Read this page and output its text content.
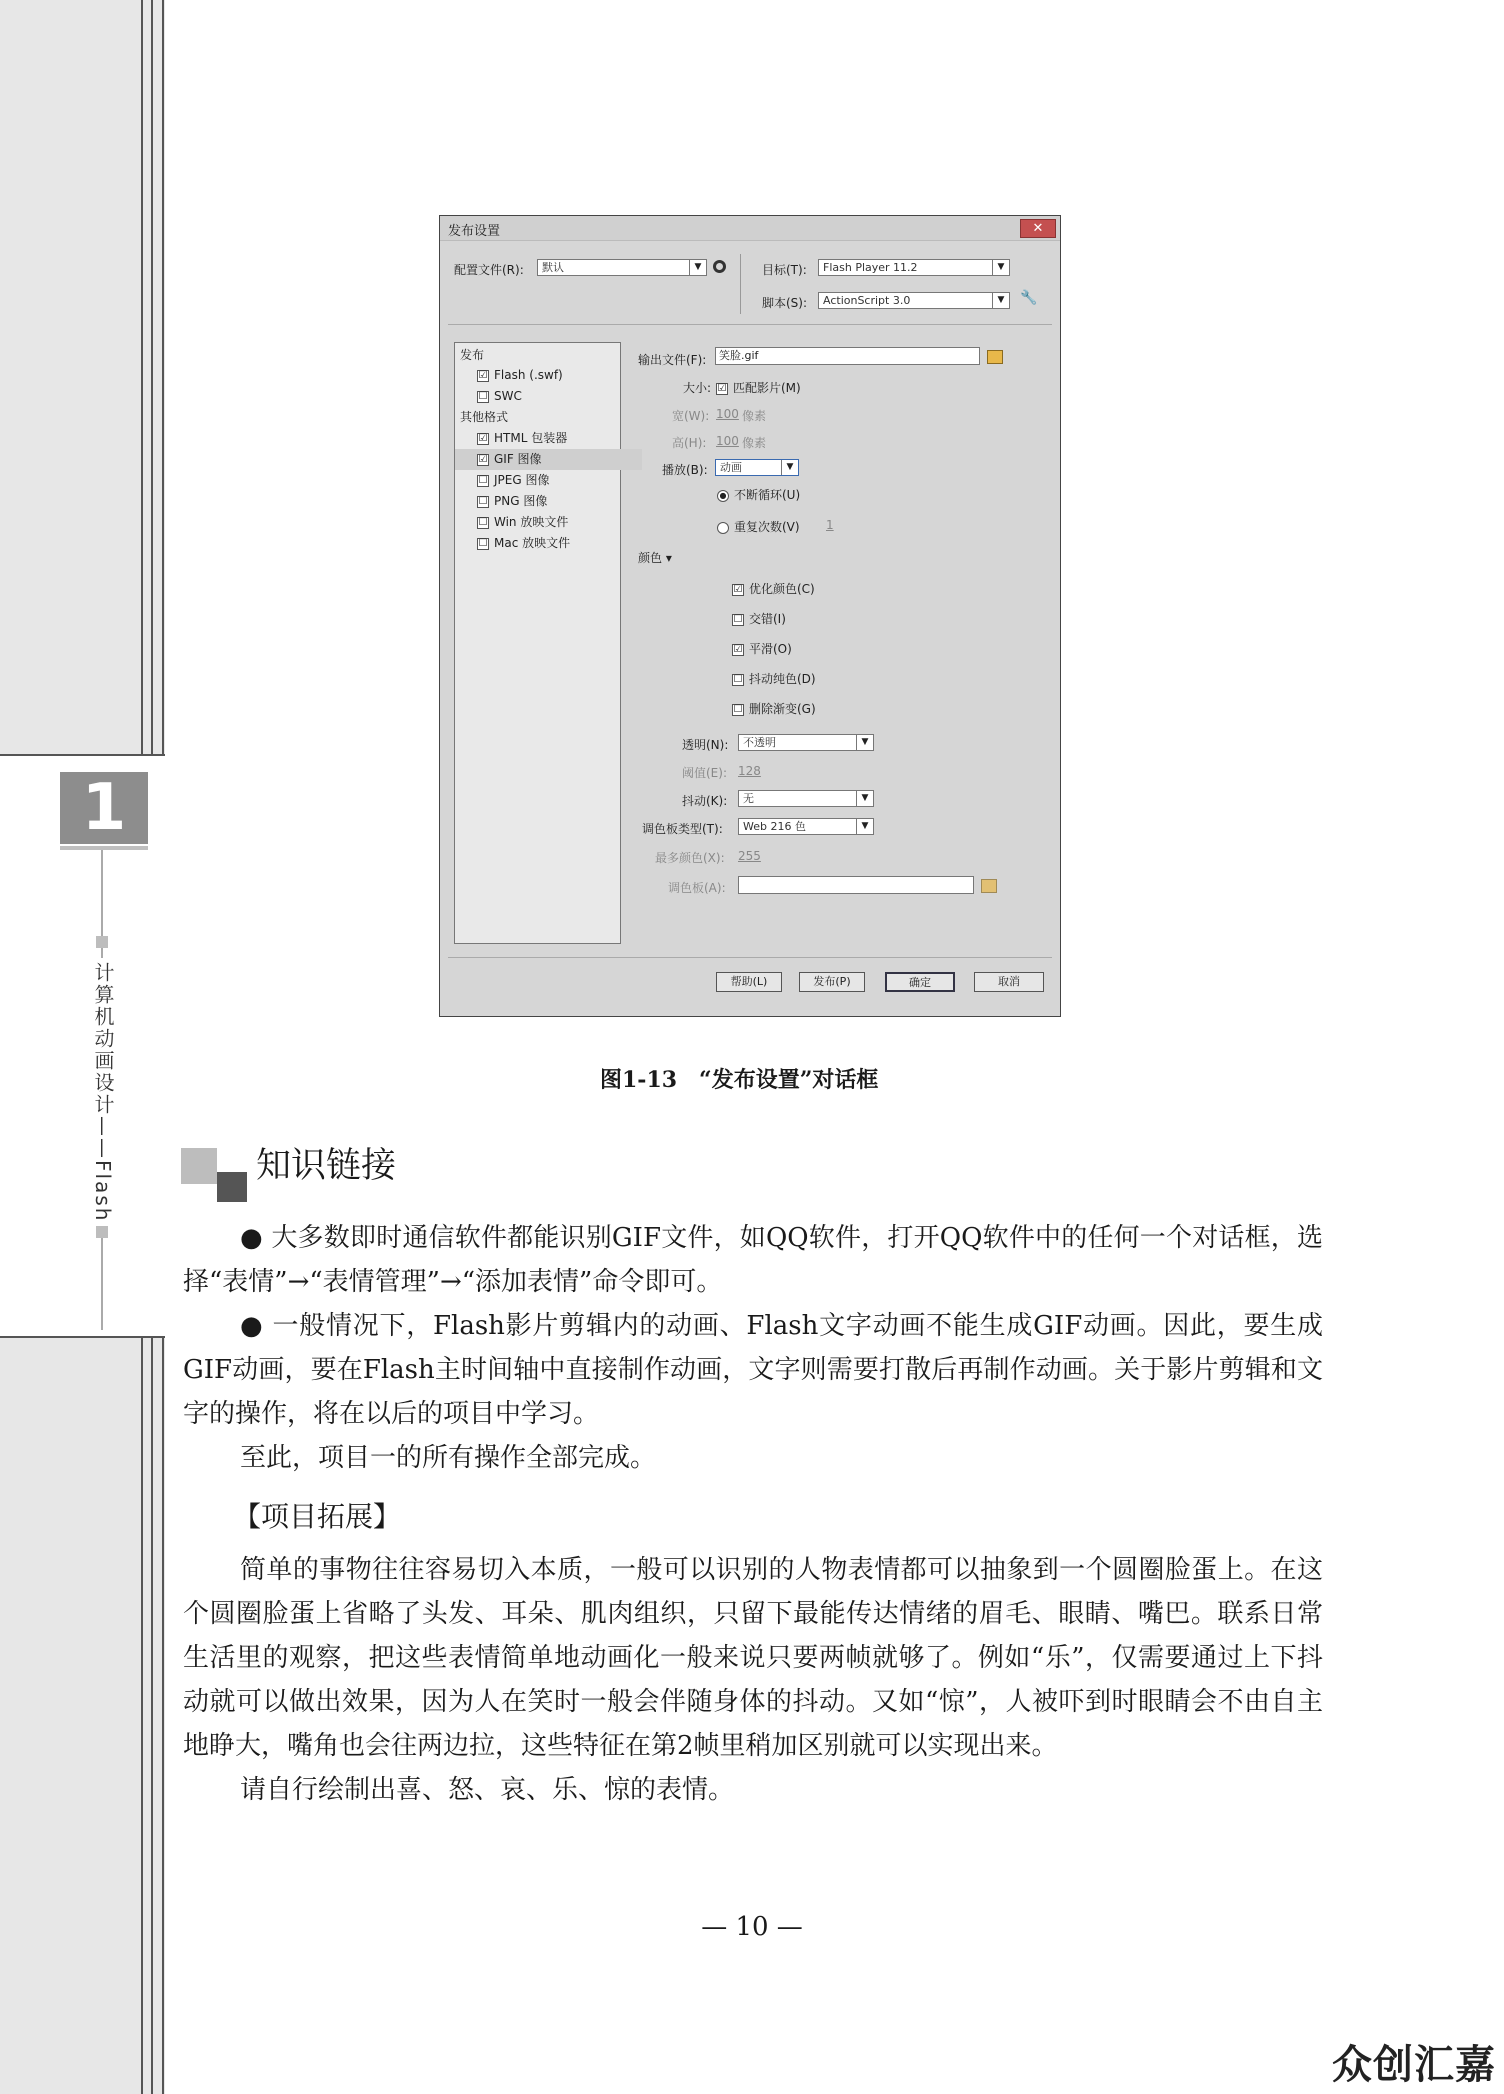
1
计算机动画设计——Flash
发布设置	✕
配置文件(R):	默认	▼	目标(T):	Flash Player 11.2	▼
脚本(S):	ActionScript 3.0	▼	🔧
发布
☑ Flash (.swf)
☐ SWC
其他格式
☑ HTML 包装器
☑ GIF 图像
☐ JPEG 图像
☐ PNG 图像
☐ Win 放映文件
☐ Mac 放映文件
输出文件(F):	笑脸.gif
大小: ☑ 匹配影片(M)
宽(W): 100 像素
高(H): 100 像素
播放(B):	动画	▼
● 不断循环(U)
重复次数(V) 1
颜色 ▾
☑ 优化颜色(C)
☐ 交错(I)
☑ 平滑(O)
☐ 抖动纯色(D)
☐ 删除渐变(G)
透明(N):	不透明	▼
阈值(E): 128
抖动(K):	无	▼
调色板类型(T):	Web 216 色	▼
最多颜色(X): 255
调色板(A):
帮助(L)	发布(P)	确定	取消
图1-13　“发布设置”对话框
知识链接

● 大多数即时通信软件都能识别GIF文件，如QQ软件，打开QQ软件中的任何一个对话框，选择“表情”→“表情管理”→“添加表情”命令即可。

● 一般情况下，Flash影片剪辑内的动画、Flash文字动画不能生成GIF动画。因此，要生成GIF动画，要在Flash主时间轴中直接制作动画，文字则需要打散后再制作动画。关于影片剪辑和文字的操作，将在以后的项目中学习。

至此，项目一的所有操作全部完成。

【项目拓展】

简单的事物往往容易切入本质，一般可以识别的人物表情都可以抽象到一个圆圈脸蛋上。在这个圆圈脸蛋上省略了头发、耳朵、肌肉组织，只留下最能传达情绪的眉毛、眼睛、嘴巴。联系日常生活里的观察，把这些表情简单地动画化一般来说只要两帧就够了。例如“乐”，仅需要通过上下抖动就可以做出效果，因为人在笑时一般会伴随身体的抖动。又如“惊”，人被吓到时眼睛会不由自主地睁大，嘴角也会往两边拉，这些特征在第2帧里稍加区别就可以实现出来。

请自行绘制出喜、怒、哀、乐、惊的表情。

— 10 —
众创汇嘉
